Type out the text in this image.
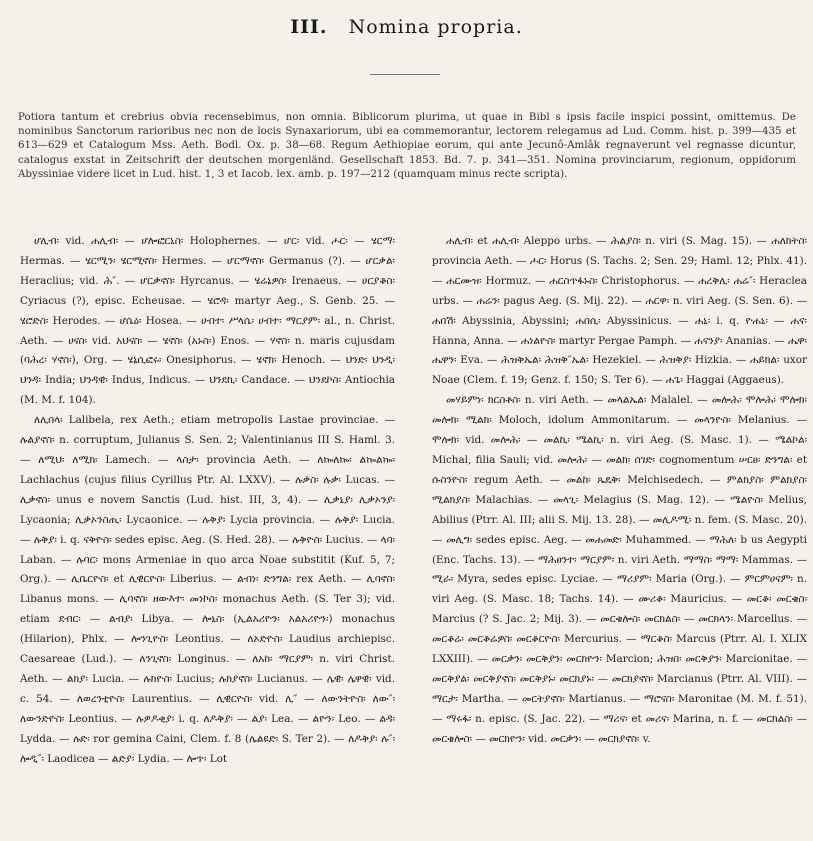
III. Nomina propria.
Potiora tantum et crebrius obvia recensebimus, non omnia. Biblicorum plurima, ut quae in Bibl s ipsis facile inspici possint, omittemus. De nominibus Sanctorum rarioribus nec non de locis Synaxariorum, ubi ea commemorantur, lectorem relegamus ad Lud. Comm. hist. p. 399—435 et 613—629 et Catalogum Mss. Aeth. Bodl. Ox. p. 38—68. Regum Aethiopiae eorum, qui ante Jecunô-Amlâk regnaverunt vel regnasse dicuntur, catalogus exstat in Zeitschrift der deutschen morgenländ. Gesellschaft 1853. Bd. 7. p. 341—351. Nomina provinciarum, regionum, oppidorum Abyssiniae videre licet in Lud. hist. 1, 3 et Iacob. lex. amb. p. 197—212 (quamquam minus recte scripta).

ሆሊብ፡ vid. ሐሊብ፡ — ሆሎፎርኒስ፡ Holophernes. — ሆር፡ vid. ሖር፡ — ሄርማ፡ Hermas. — ሄርሚን፡ ሄርሚኖስ፡ Hermes. — ሆርማኖስ፡ Germanus (?). — ሆርቃል፡ Heraclius; vid. ሕ″. — ሆርቃኖስ፡ Hyrcanus. — ሄሬኔዎስ፡ Irenaeus. — ሀርያቆስ፡ Cyriacus (?), episc. Echeusae. — ሄሮዳ፡ martyr Aeg., S. Genb. 25. — ሄሮድስ፡ Herodes. — ሆሴዕ፡ Hosea. — ሀብተ፡ ሥላሴ፡ ሀብተ፡ ማርያም፡ al., n. Christ. Aeth. — ሀናስ፡ vid. አህናስ፡ — ሄኖስ፡ (አኑስ፡) Enos. — ሃኖስ፡ n. maris cujusdam (ባሕረ፡ ሃኖስ፡), Org. — ሄኔሲፎሩ፡ Onesiphorus. — ሄኖክ፡ Henoch. — ህንድ፡ ህንዲ፡ ህንዳ፡ India; ህንዳዊ፡ Indus, Indicus. — ህንደኪ፡ Candace. — ህንደኮስ፡ Antiochia (M. M. f. 104).

ለሊበላ፡ Lalibela, rex Aeth.; etiam metropolis Lastae provinciae. — ሉልያኖስ፡ n. corruptum, Julianus S. Sen. 2; Valentinianus III S. Haml. 3. — ለሚህ፡ ለሚክ፡ Lamech. — ላስታ፡ provincia Aeth. — ለኰለኰ፡ ልኰልኰ፡ Lachlachus (cujus filius Cyrillus Ptr. Al. LXXV). — ሉቃስ፡ ሉቃ፡ Lucas. — ሊቃኖስ፡ unus e novem Sanctis (Lud. hist. III, 3, 4). — ሊቃኒያ፡ ሊቃኦንያ፡ Lycaonia; ሊቃኦንስጢ፡ Lycaonice. — ሉቅያ፡ Lycia provincia. — ሉቅያ፡ Lucia. — ሉቅያ፡ i. q. ናቅዮስ፡ sedes episc. Aeg. (S. Hed. 28). — ሉቅዮስ፡ Lucius. — ላባ፡ Laban. — ሉባር፡ mons Armeniae in quo arca Noae substitit (Kuf. 5, 7; Org.). — ሊቤርዮስ፡ et ሊዊርዮስ፡ Liberius. — ልብነ፡ ድንግል፡ rex Aeth. — ሊባኖስ፡ Libanus mons. — ሊባኖስ፡ ዘውእተ፡ መነኮስ፡ monachus Aeth. (S. Ter 3); vid. etiam ደብር፡ — ልብያ፡ Libya. — ሎኒስ፡ (ኢልአሪዮን፡ አልአሪዮን፡) monachus (Hilarion), Phlx. — ሎንጊዮስ፡ Leontius. — ለኦድዮስ፡ Laudius archiepisc. Caesareae (Lud.). — ለንጊኖስ፡ Longinus. — ለአከ፡ ማርያም፡ n. viri Christ. Aeth. — ልክያ፡ Lucia. — ሉክዮስ፡ Lucius; ሉክያኖስ፡ Lucianus. — ሌዊ፡ ሌዋዊ፡ vid. c. 54. — ለወረንቲዮስ፡ Laurentius. — ሊዊርዮስ፡ vid. ሊ″ — ለውንትዮስ፡ ለው″፡ ለውንድዮስ፡ Leontius. — ሉዎዶቂያ፡ i. q. ለዶቅያ፡ — ልያ፡ Lea. — ልዮን፡ Leo. — ልዳ፡ Lydda. — ሉድ፡ ror gemina Caini, Clem. f. 8 (ሌልዩድ፡ S. Ter 2). — ለዶቅያ፡ ሉ″፡ ሎዲ″፡ Laodicea — ልድያ፡ Lydia. — ሎጥ፡ Lot

ሐሊብ፡ et ሐሊብ፡ Aleppo urbs. — ሕልያስ፡ n. viri (S. Mag. 15). — ሐለክትስ፡ provincia Aeth. — ሖር፡ Horus (S. Tachs. 2; Sen. 29; Haml. 12; Phlx. 41). — ሐርሙዝ፡ Hormuz. — ሐርስጥፋኑስ፡ Christophorus. — ሐረቅሊ፡ ሐሬ″፡ Heraclea urbs. — ሐሬን፡ pagus Aeg. (S. Mij. 22). — ሐርዋ፡ n. viri Aeg. (S. Sen. 6). — ሐበሽ፡ Abyssinia, Abyssini; ሐበሲ፡ Abyssinicus. — ሐኒ፡ i. q. ዮሐኒ፡ — ሐና፡ Hanna, Anna. — ሐነልዮስ፡ martyr Pergae Pamph. — ሐናንያ፡ Ananias. — ሔዋ፡ ሔዋን፡ Eva. — ሕዝቅኤል፡ ሕዝቅ″ኤል፡ Hezekiel. — ሕዝቅያ፡ Hizkia. — ሐይክል፡ uxor Noae (Clem. f. 19; Genz. f. 150; S. Ter 6). — ሐጌ፡ Haggai (Aggaeus).

መሃይምነ፡ ክርስቶስ፡ n. viri Aeth. — መላልኤል፡ Malalel. — መሎሕ፡ ሞሎሕ፡ ሞሎክ፡ መሎክ፡ ሚልክ፡ Moloch, idolum Ammonitarum. — መላንዮስ፡ Melanius. — ሞሎክ፡ vid. መሎሕ፡ — መልኪ፡ ሜልኪ፡ n. viri Aeg. (S. Masc. 1). — ሜልኮል፡ Michal, filia Sauli; vid. መሎሕ፡ — መልክ፡ ሰገድ፡ cognomentum ሠርፀ፡ ድንግል፡ et ሱስንዮስ፡ regum Aeth. — መልከ፡ ጼዴቅ፡ Melchisedech. — ምልክያስ፡ ምልክያስ፡ ሚልክያስ፡ Malachias. — መላጊ፡ Melagius (S. Mag. 12). — ሜልዮስ፡ Melius, Abilius (Ptrr. Al. III; alii S. Mij. 13. 28). — መሊዶሚ፡ n. fem. (S. Masc. 20). — መሊግ፡ sedes episc. Aeg. — መሐመድ፡ Muhammed. — ማሕለ፡ b us Aegypti (Enc. Tachs. 13). — ማሕፀንተ፡ ማርያም፡ n. viri Aeth. ማማስ፡ ማማ፡ Mammas. — ሚራ፡ Myra, sedes episc. Lyciae. — ማሪያም፡ Maria (Org.). — ምርምሀናም፡ n. viri Aeg. (S. Masc. 18; Tachs. 14). — ሙሪቆ፡ Mauricius. — መርቆ፡ መርቄስ፡ Marcius (? S. Jac. 2; Mij. 3). — መርቄሎስ፡ መርክልስ፡ — መርክላን፡ Marcellus. — መርቆሬ፡ መርቆሬዎስ፡ መርቆርዮስ፡ Mercurius. — ማርቆስ፡ Marcus (Ptrr. Al. I. XLIX LXXIII). — መርቃን፡ መርቅያን፡ መርክዮን፡ Marcion; ሕዝበ፡ መርቅያን፡ Marcionitae. — መርቅያል፡ መርቅያኖስ፡ መርቅያኑ፡ መርክያኑ፡ — መርክያኖስ፡ Marcianus (Ptrr. Al. VIII). — ማርታ፡ Martha. — መርትያኖስ፡ Martianus. — ማሮናስ፡ Maronitae (M. M. f. 51). — ማሩፋ፡ n. episc. (S. Jac. 22). — ማሪና፡ et መሪና፡ Marina, n. f. — መርክልስ፡ — መርቄሎስ፡ — መርክዮን፡ vid. መርቃን፡ — መርክያኖስ፡ v.
